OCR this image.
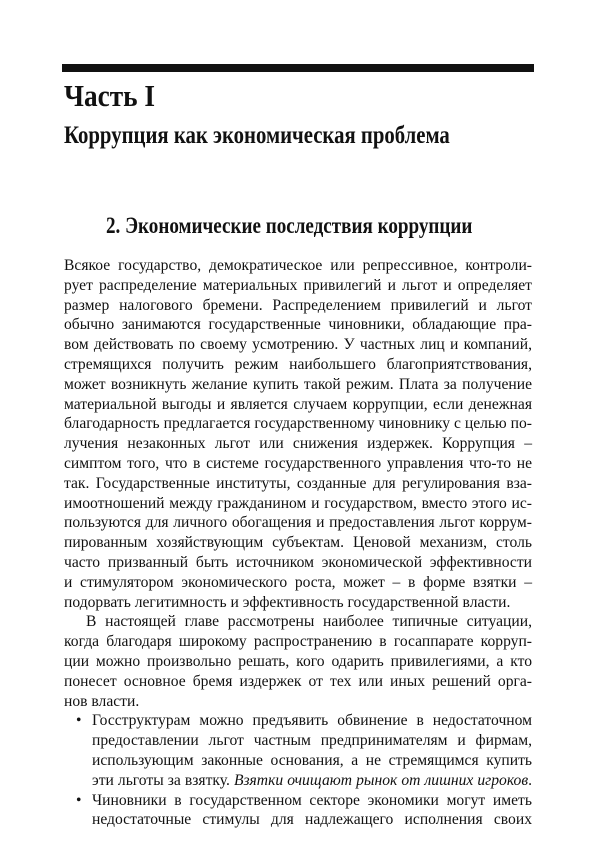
Часть I
Коррупция как экономическая проблема
2. Экономические последствия коррупции
Всякое государство, демократическое или репрессивное, контроли-
рует распределение материальных привилегий и льгот и определяет
размер налогового бремени. Распределением привилегий и льгот
обычно занимаются государственные чиновники, обладающие пра-
вом действовать по своему усмотрению. У частных лиц и компаний,
стремящихся получить режим наибольшего благоприятствования,
может возникнуть желание купить такой режим. Плата за получение
материальной выгоды и является случаем коррупции, если денежная
благодарность предлагается государственному чиновнику с целью по-
лучения незаконных льгот или снижения издержек. Коррупция –
симптом того, что в системе государственного управления что-то не
так. Государственные институты, созданные для регулирования вза-
имоотношений между гражданином и государством, вместо этого ис-
пользуются для личного обогащения и предоставления льгот коррум-
пированным хозяйствующим субъектам. Ценовой механизм, столь
часто призванный быть источником экономической эффективности
и стимулятором экономического роста, может – в форме взятки –
подорвать легитимность и эффективность государственной власти.
В настоящей главе рассмотрены наиболее типичные ситуации,
когда благодаря широкому распространению в госаппарате корруп-
ции можно произвольно решать, кого одарить привилегиями, а кто
понесет основное бремя издержек от тех или иных решений орга-
нов власти.
• Госструктурам можно предъявить обвинение в недостаточном
предоставлении льгот частным предпринимателям и фирмам,
использующим законные основания, а не стремящимся купить
эти льготы за взятку. Взятки очищают рынок от лишних игроков.
• Чиновники в государственном секторе экономики могут иметь
недостаточные стимулы для надлежащего исполнения своих
